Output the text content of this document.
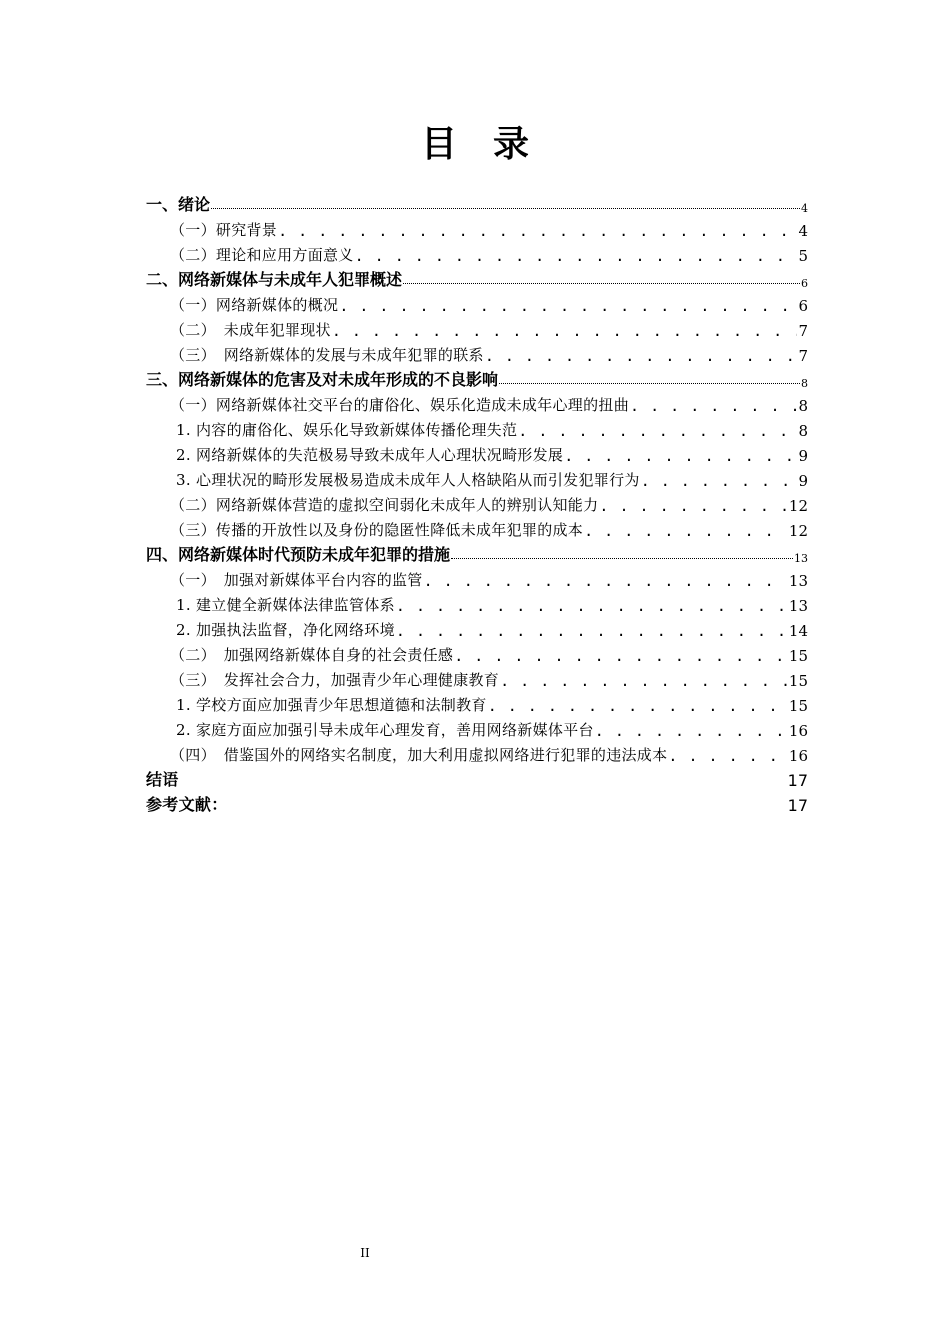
目　录
一、绪论	4
（一）研究背景 . . .	4
（二）理论和应用方面意义 . . .	5
二、网络新媒体与未成年人犯罪概述	6
（一）网络新媒体的概况 . . .	6
（二）　未成年犯罪现状 . . .	7
（三）　网络新媒体的发展与未成年犯罪的联系 . . .	7
三、网络新媒体的危害及对未成年形成的不良影响	8
（一）网络新媒体社交平台的庸俗化、娱乐化造成未成年心理的扭曲 . . .	8
1. 内容的庸俗化、娱乐化导致新媒体传播伦理失范 . . .	8
2. 网络新媒体的失范极易导致未成年人心理状况畸形发展 . . .	9
3. 心理状况的畸形发展极易造成未成年人人格缺陷从而引发犯罪行为 . . .	9
（二）网络新媒体营造的虚拟空间弱化未成年人的辨别认知能力 . . .	12
（三）传播的开放性以及身份的隐匿性降低未成年犯罪的成本 . . .	12
四、网络新媒体时代预防未成年犯罪的措施	13
（一）　加强对新媒体平台内容的监管 . . .	13
1. 建立健全新媒体法律监管体系 . . .	13
2. 加强执法监督，净化网络环境 . . .	14
（二）　加强网络新媒体自身的社会责任感 . . .	15
（三）　发挥社会合力，加强青少年心理健康教育 . . .	15
1. 学校方面应加强青少年思想道德和法制教育 . . .	15
2. 家庭方面应加强引导未成年心理发育，善用网络新媒体平台 . . .	16
（四）　借鉴国外的网络实名制度，加大利用虚拟网络进行犯罪的违法成本 . . .	16
结语	17
参考文献：	17
II
